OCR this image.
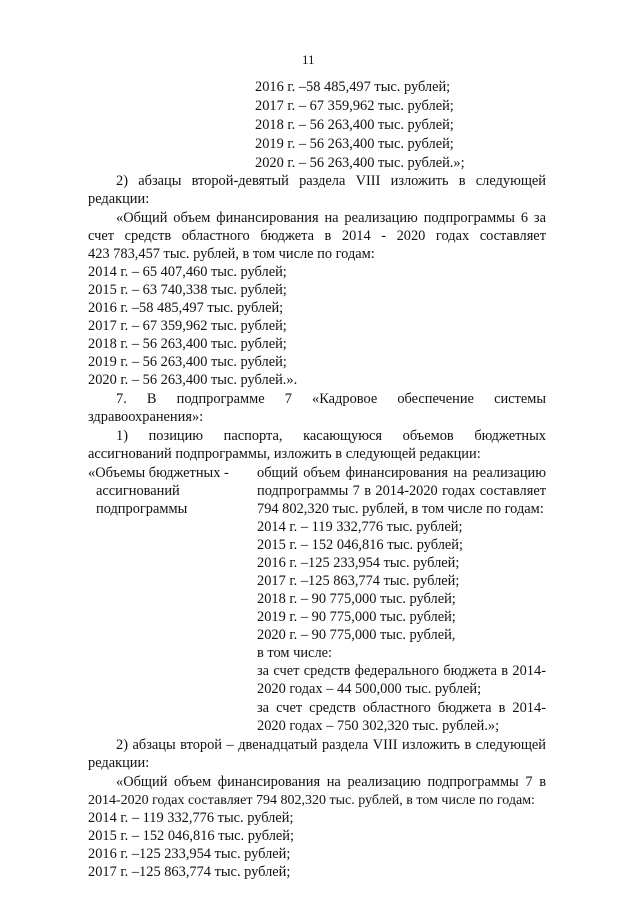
11
2016 г. –58 485,497 тыс. рублей;
2017 г. – 67 359,962 тыс. рублей;
2018 г. – 56 263,400 тыс. рублей;
2019 г. – 56 263,400 тыс. рублей;
2020 г. – 56 263,400 тыс. рублей.»;
2) абзацы второй-девятый раздела VIII изложить в следующей
редакции:
«Общий объем финансирования на реализацию подпрограммы 6 за
счет средств областного бюджета в 2014 - 2020 годах составляет
423 783,457 тыс. рублей, в том числе по годам:
2014 г. – 65 407,460 тыс. рублей;
2015 г. – 63 740,338 тыс. рублей;
2016 г. –58 485,497 тыс. рублей;
2017 г. – 67 359,962 тыс. рублей;
2018 г. – 56 263,400 тыс. рублей;
2019 г. – 56 263,400 тыс. рублей;
2020 г. – 56 263,400 тыс. рублей.».
7. В подпрограмме 7 «Кадровое обеспечение системы
здравоохранения»:
1) позицию паспорта, касающуюся объемов бюджетных
ассигнований подпрограммы, изложить в следующей редакции:
«Объемы бюджетных -
ассигнований
подпрограммы
общий объем финансирования на реализацию
подпрограммы 7 в 2014-2020 годах составляет
794 802,320 тыс. рублей, в том числе по годам:
2014 г. – 119 332,776 тыс. рублей;
2015 г. – 152 046,816 тыс. рублей;
2016 г. –125 233,954 тыс. рублей;
2017 г. –125 863,774 тыс. рублей;
2018 г. – 90 775,000 тыс. рублей;
2019 г. – 90 775,000 тыс. рублей;
2020 г. – 90 775,000 тыс. рублей,
в том числе:
за счет средств федерального бюджета в 2014-
2020 годах – 44 500,000 тыс. рублей;
за счет средств областного бюджета в 2014-
2020 годах – 750 302,320 тыс. рублей.»;
2) абзацы второй – двенадцатый раздела VIII изложить в следующей
редакции:
«Общий объем финансирования на реализацию подпрограммы 7 в
2014-2020 годах составляет 794 802,320 тыс. рублей, в том числе по годам:
2014 г. – 119 332,776 тыс. рублей;
2015 г. – 152 046,816 тыс. рублей;
2016 г. –125 233,954 тыс. рублей;
2017 г. –125 863,774 тыс. рублей;
